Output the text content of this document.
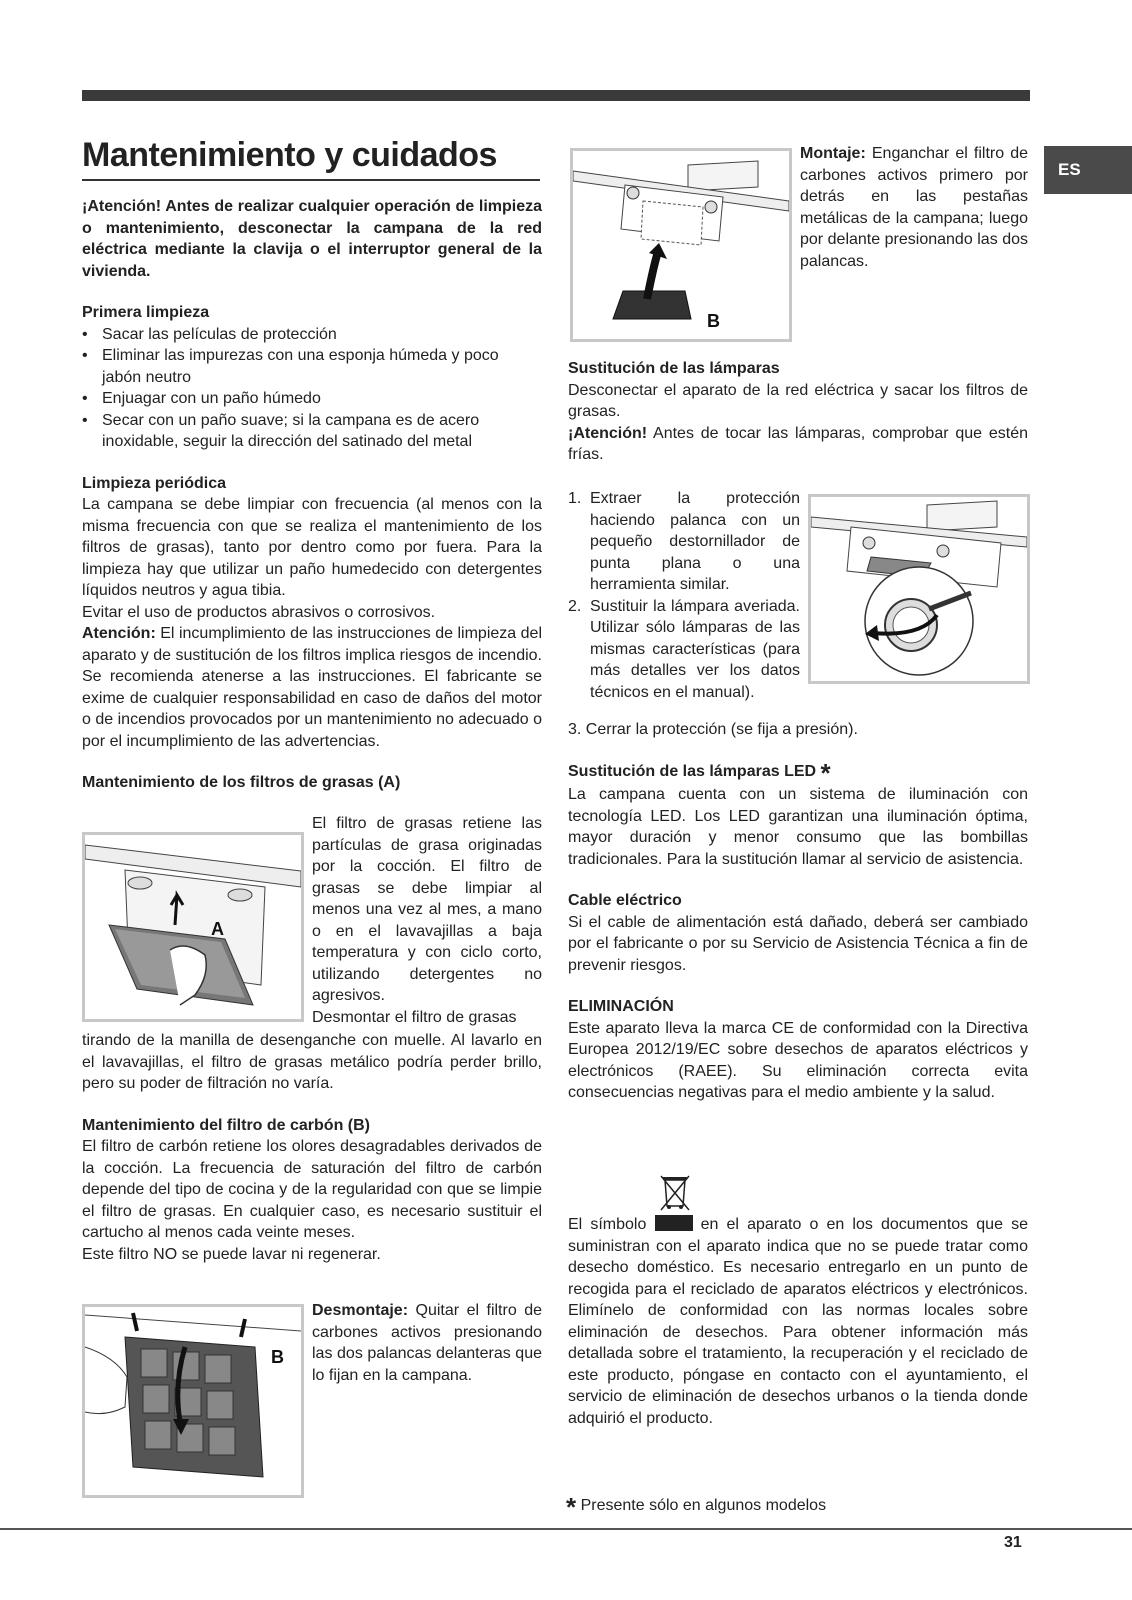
ES
Mantenimiento y cuidados

¡Atención! Antes de realizar cualquier operación de limpieza o mantenimiento, desconectar la campana de la red eléctrica mediante la clavija o el interruptor general de la vivienda.

Primera limpieza

• Sacar las películas de protección
• Eliminar las impurezas con una esponja húmeda y poco jabón neutro
• Enjuagar con un paño húmedo
• Secar con un paño suave; si la campana es de acero inoxidable, seguir la dirección del satinado del metal

Limpieza periódica

La campana se debe limpiar con frecuencia (al menos con la misma frecuencia con que se realiza el mantenimiento de los filtros de grasas), tanto por dentro como por fuera. Para la limpieza hay que utilizar un paño humedecido con detergentes líquidos neutros y agua tibia.

Evitar el uso de productos abrasivos o corrosivos.

Atención: El incumplimiento de las instrucciones de limpieza del aparato y de sustitución de los filtros implica riesgos de incendio. Se recomienda atenerse a las instrucciones. El fabricante se exime de cualquier responsabilidad en caso de daños del motor o de incendios provocados por un mantenimiento no adecuado o por el incumplimiento de las advertencias.

Mantenimiento de los filtros de grasas (A)

A

El filtro de grasas retiene las partículas de grasa originadas por la cocción. El filtro de grasas se debe limpiar al menos una vez al mes, a mano o en el lavavajillas a baja temperatura y con ciclo corto, utilizando detergentes no agresivos.

Desmontar el filtro de grasas

tirando de la manilla de desenganche con muelle. Al lavarlo en el lavavajillas, el filtro de grasas metálico podría perder brillo, pero su poder de filtración no varía.

Mantenimiento del filtro de carbón (B)

El filtro de carbón retiene los olores desagradables derivados de la cocción. La frecuencia de saturación del filtro de carbón depende del tipo de cocina y de la regularidad con que se limpie el filtro de grasas. En cualquier caso, es necesario sustituir el cartucho al menos cada veinte meses.

Este filtro NO se puede lavar ni regenerar.

B

Desmontaje: Quitar el filtro de carbones activos presionando las dos palancas delanteras que lo fijan en la campana.

B

Montaje: Enganchar el filtro de carbones activos primero por detrás en las pestañas metálicas de la campana; luego por delante presionando las dos palancas.

Sustitución de las lámparas

Desconectar el aparato de la red eléctrica y sacar los filtros de grasas.

¡Atención! Antes de tocar las lámparas, comprobar que estén frías.

1. Extraer la protección haciendo palanca con un pequeño destornillador de punta plana o una herramienta similar.
2. Sustituir la lámpara averiada. Utilizar sólo lámparas de las mismas características (para más detalles ver los datos técnicos en el manual).

3. Cerrar la protección (se fija a presión).

Sustitución de las lámparas LED *

La campana cuenta con un sistema de iluminación con tecnología LED. Los LED garantizan una iluminación óptima, mayor duración y menor consumo que las bombillas tradicionales. Para la sustitución llamar al servicio de asistencia.

Cable eléctrico

Si el cable de alimentación está dañado, deberá ser cambiado por el fabricante o por su Servicio de Asistencia Técnica a fin de prevenir riesgos.

ELIMINACIÓN

Este aparato lleva la marca CE de conformidad con la Directiva Europea 2012/19/EC sobre desechos de aparatos eléctricos y electrónicos (RAEE). Su eliminación correcta evita consecuencias negativas para el medio ambiente y la salud.

El símbolo  en el aparato o en los documentos que se suministran con el aparato indica que no se puede tratar como desecho doméstico. Es necesario entregarlo en un punto de recogida para el reciclado de aparatos eléctricos y electrónicos. Elimínelo de conformidad con las normas locales sobre eliminación de desechos. Para obtener información más detallada sobre el tratamiento, la recuperación y el reciclado de este producto, póngase en contacto con el ayuntamiento, el servicio de eliminación de desechos urbanos o la tienda donde adquirió el producto.

* Presente sólo en algunos modelos
31
